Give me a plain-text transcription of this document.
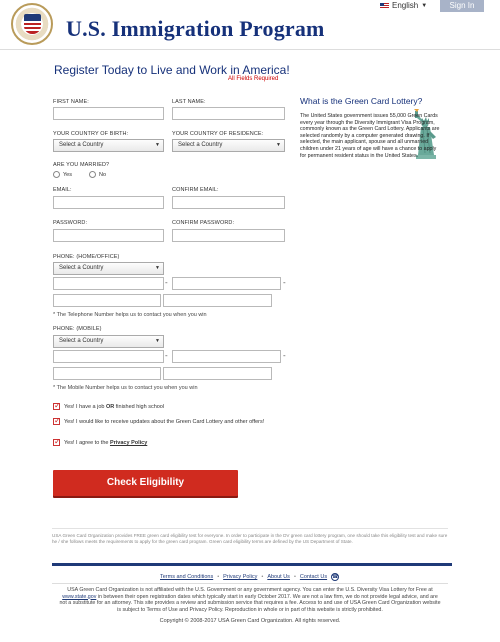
U.S. Immigration Program
English ▼	Sign In
Register Today to Live and Work in America!
All Fields Required
FIRST NAME:	LAST NAME:
YOUR COUNTRY OF BIRTH:
Select a Country	▼
YOUR COUNTRY OF RESIDENCE:
Select a Country	▼
ARE YOU MARRIED?
Yes	No
EMAIL:	CONFIRM EMAIL:
PASSWORD:	CONFIRM PASSWORD:
PHONE: (HOME/OFFICE)
Select a Country	▼
-	-
* The Telephone Number helps us to contact you when you win
PHONE: (MOBILE)
Select a Country	▼
-	-
* The Mobile Number helps us to contact you when you win
✓
Yes! I have a job OR finished high school
✓
Yes! I would like to receive updates about the Green Card Lottery and other offers!
✓
Yes! I agree to the Privacy Policy
Check Eligibility
What is the Green Card Lottery?
The United States government issues 55,000 Green Cards every year through the Diversity Immigrant Visa Program, commonly known as the Green Card Lottery. Applicants are selected randomly by a computer generated drawing. If selected, the main applicant, spouse and all unmarried children under 21 years of age will have a chance to apply for permanent resident status in the United States.
USA Green Card Organization provides FREE green card eligibility test for everyone. In order to participate in the DV green card lottery program, one should take this eligibility test and make sure he / she follows meets the requirements to apply for the green card program. Green card eligibility terms are defined by the US Department of State.
Terms and Conditions • Privacy Policy • About Us • Contact Us ☎
USA Green Card Organization is not affiliated with the U.S. Government or any government agency. You can enter the U.S. Diversity Visa Lottery for Free at www.state.gov in between their open registration dates which typically start in early October 2017. We are not a law firm, we do not provide legal advice, and are not a substitute for an attorney. This site provides a review and submission service that requires a fee. Access to and use of USA Green Card Organization website is subject to Terms of Use and Privacy Policy. Reproduction in whole or in part of this website is strictly prohibited.
Copyright © 2008-2017 USA Green Card Organization. All rights reserved.
